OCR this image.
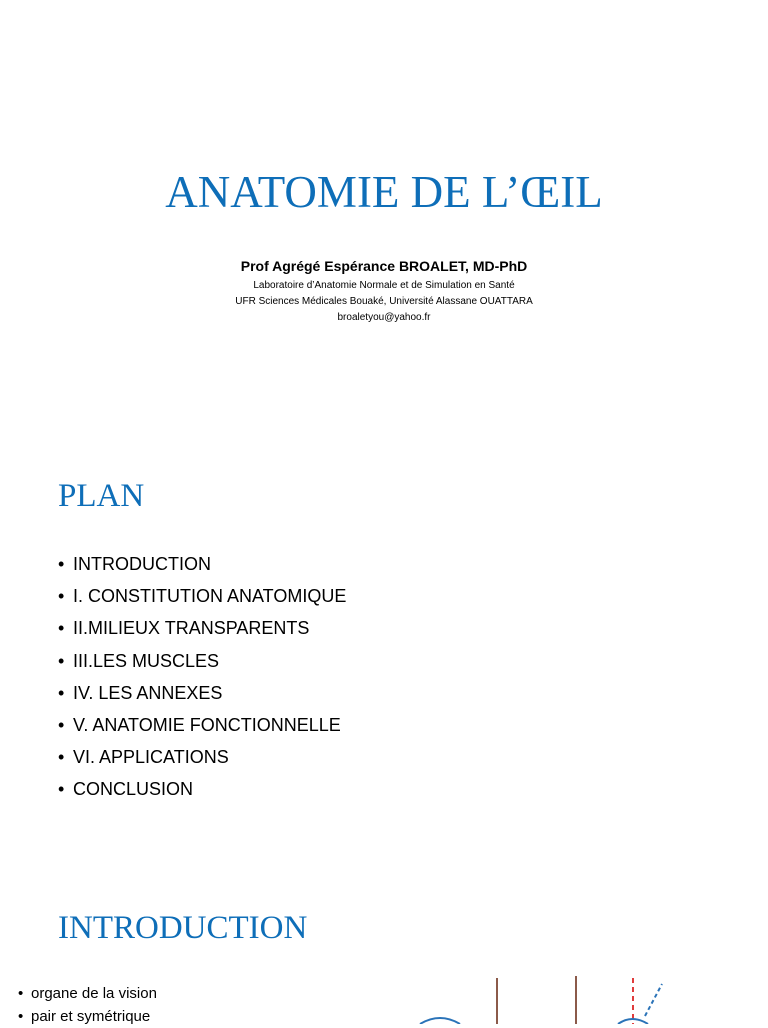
ANATOMIE DE L’ŒIL
Prof Agrégé Espérance BROALET, MD-PhD
Laboratoire d’Anatomie Normale et de Simulation en Santé
UFR Sciences Médicales Bouaké, Université Alassane OUATTARA
broaletyou@yahoo.fr
PLAN
• INTRODUCTION
• I. CONSTITUTION ANATOMIQUE
• II.MILIEUX TRANSPARENTS
• III.LES MUSCLES
• IV. LES ANNEXES
• V. ANATOMIE FONCTIONNELLE
• VI. APPLICATIONS
• CONCLUSION
INTRODUCTION
• organe de la vision
• pair et symétrique
